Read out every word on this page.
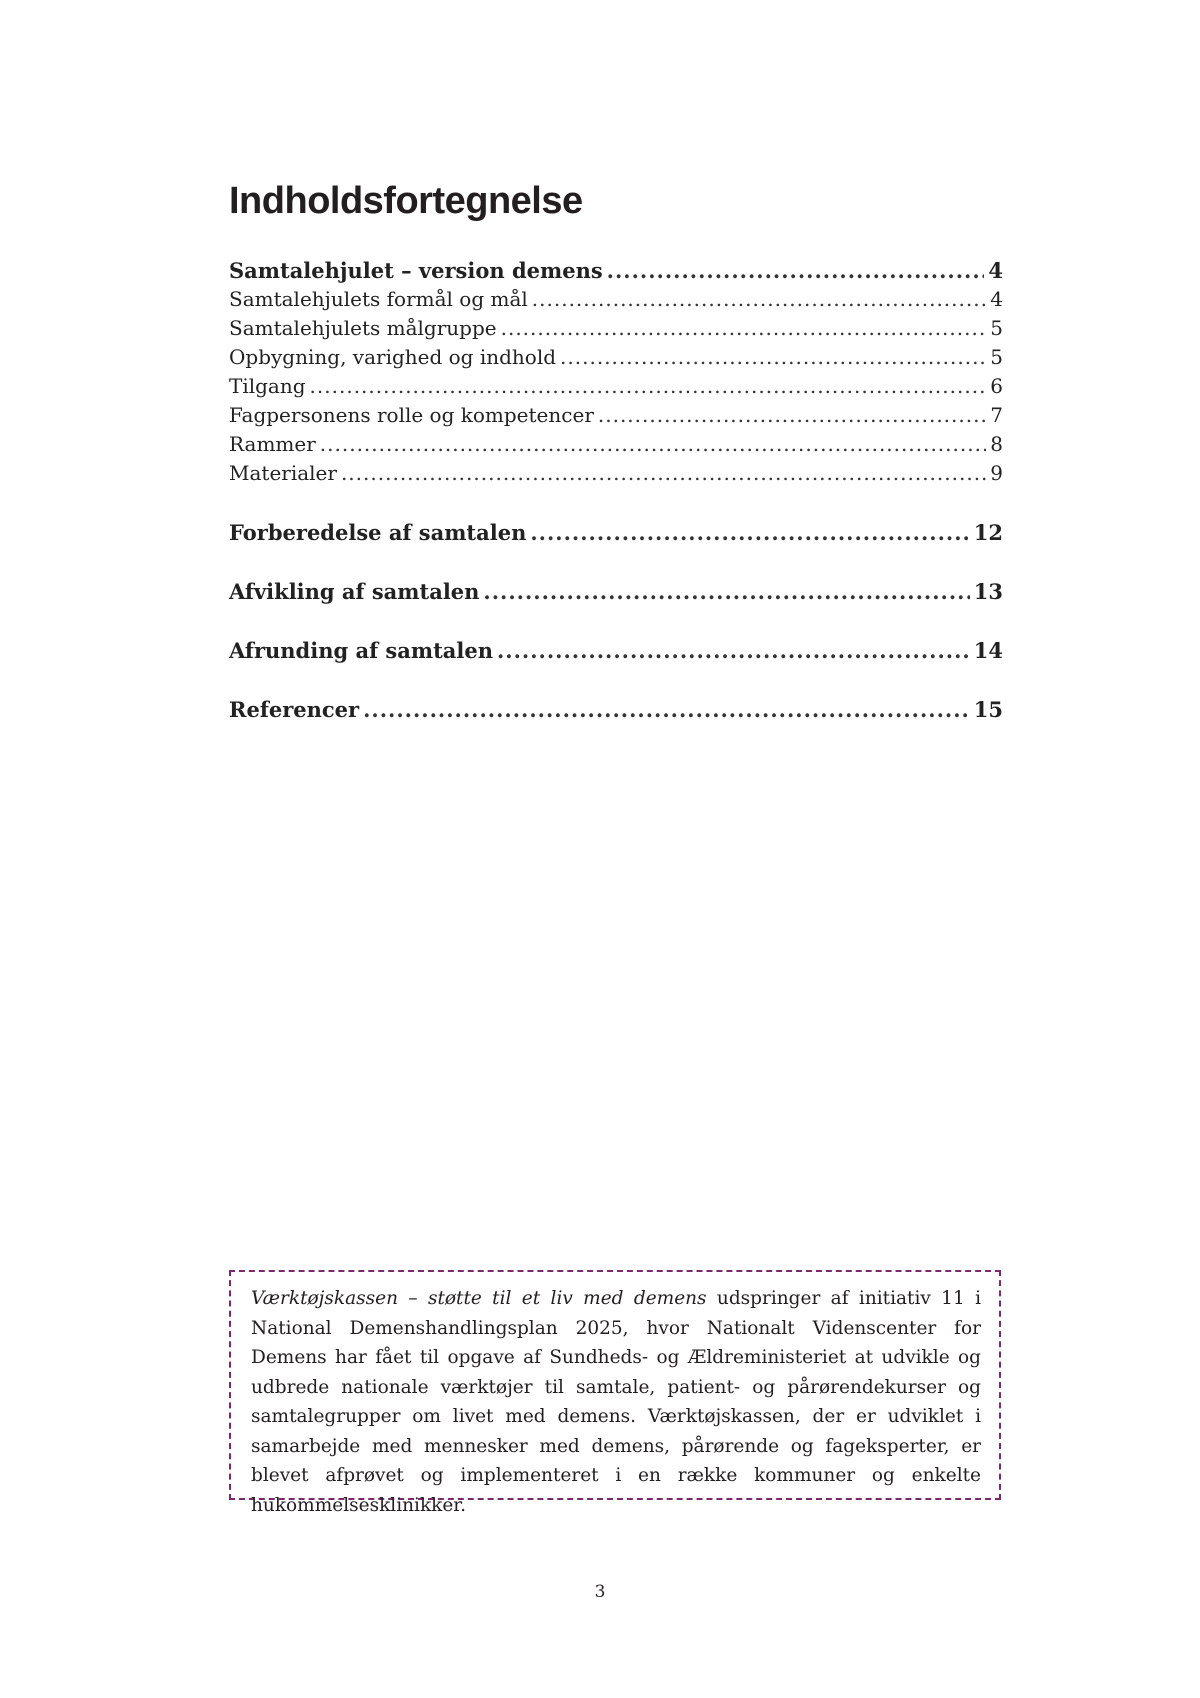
Indholdsfortegnelse
Samtalehjulet – version demens .....	4
Samtalehjulets formål og mål .....	4
Samtalehjulets målgruppe .....	5
Opbygning, varighed og indhold .....	5
Tilgang .....	6
Fagpersonens rolle og kompetencer .....	7
Rammer .....	8
Materialer .....	9
Forberedelse af samtalen .....	12
Afvikling af samtalen .....	13
Afrunding af samtalen .....	14
Referencer .....	15

Værktøjskassen – støtte til et liv med demens udspringer af initiativ 11 i National Demenshandlingsplan 2025, hvor Nationalt Videnscenter for Demens har fået til opgave af Sundheds- og Ældreministeriet at udvikle og udbrede nationale værktøjer til samtale, patient- og pårørendekurser og samtalegrupper om livet med demens. Værktøjskassen, der er udviklet i samarbejde med mennesker med demens, pårørende og fageksperter, er blevet afprøvet og implementeret i en række kommuner og enkelte hukommelsesklinikker.

3
